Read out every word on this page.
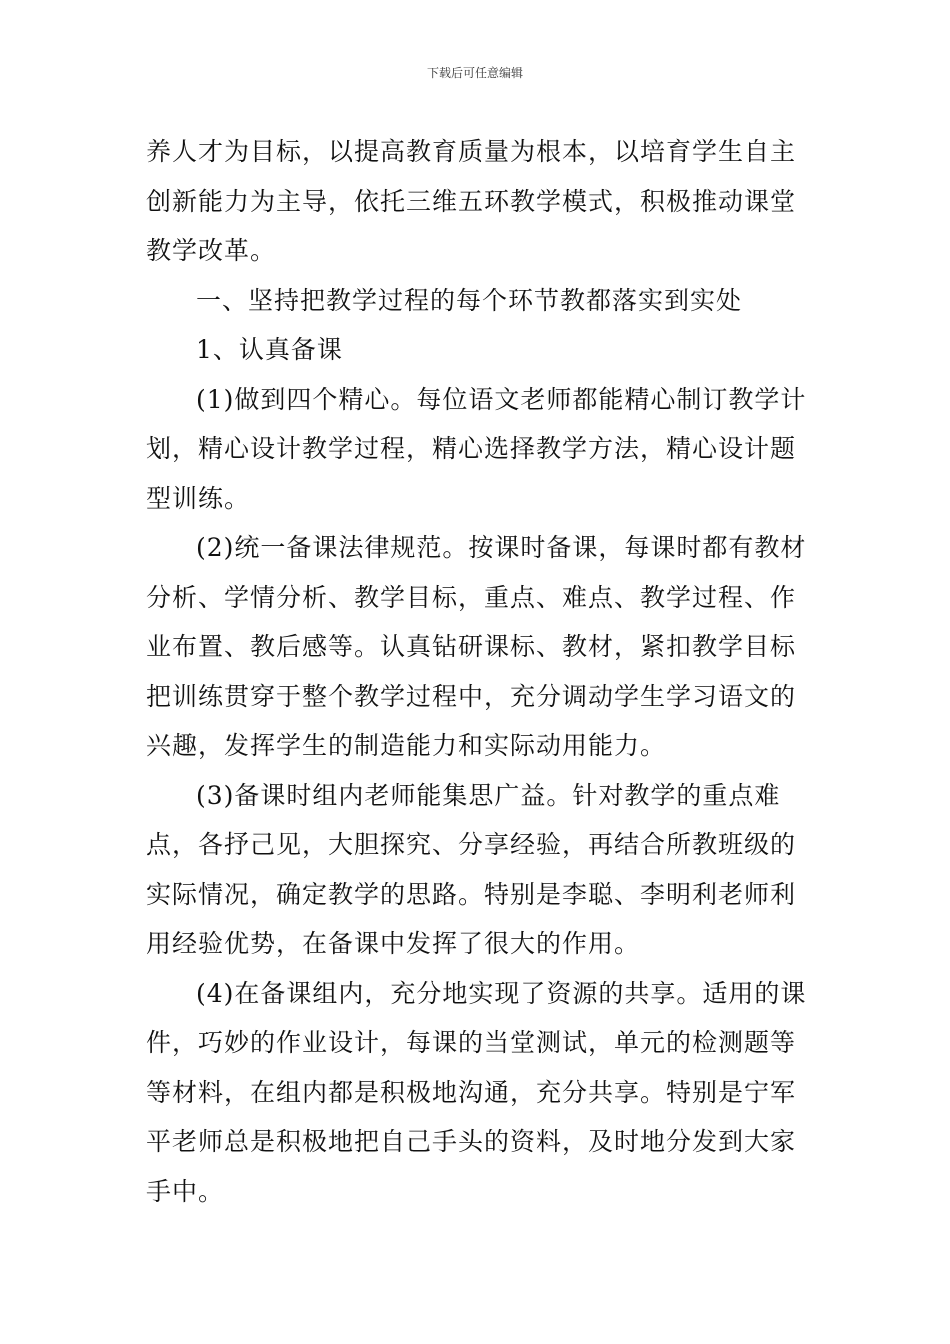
下载后可任意编辑

养人才为目标，以提高教育质量为根本，以培育学生自主创新能力为主导，依托三维五环教学模式，积极推动课堂教学改革。

一、坚持把教学过程的每个环节教都落实到实处

1、认真备课

(1)做到四个精心。每位语文老师都能精心制订教学计划，精心设计教学过程，精心选择教学方法，精心设计题型训练。

(2)统一备课法律规范。按课时备课，每课时都有教材分析、学情分析、教学目标，重点、难点、教学过程、作业布置、教后感等。认真钻研课标、教材，紧扣教学目标把训练贯穿于整个教学过程中，充分调动学生学习语文的兴趣，发挥学生的制造能力和实际动用能力。

(3)备课时组内老师能集思广益。针对教学的重点难点，各抒己见，大胆探究、分享经验，再结合所教班级的实际情况，确定教学的思路。特别是李聪、李明利老师利用经验优势，在备课中发挥了很大的作用。

(4)在备课组内，充分地实现了资源的共享。适用的课件，巧妙的作业设计，每课的当堂测试，单元的检测题等等材料，在组内都是积极地沟通，充分共享。特别是宁军平老师总是积极地把自己手头的资料，及时地分发到大家手中。
